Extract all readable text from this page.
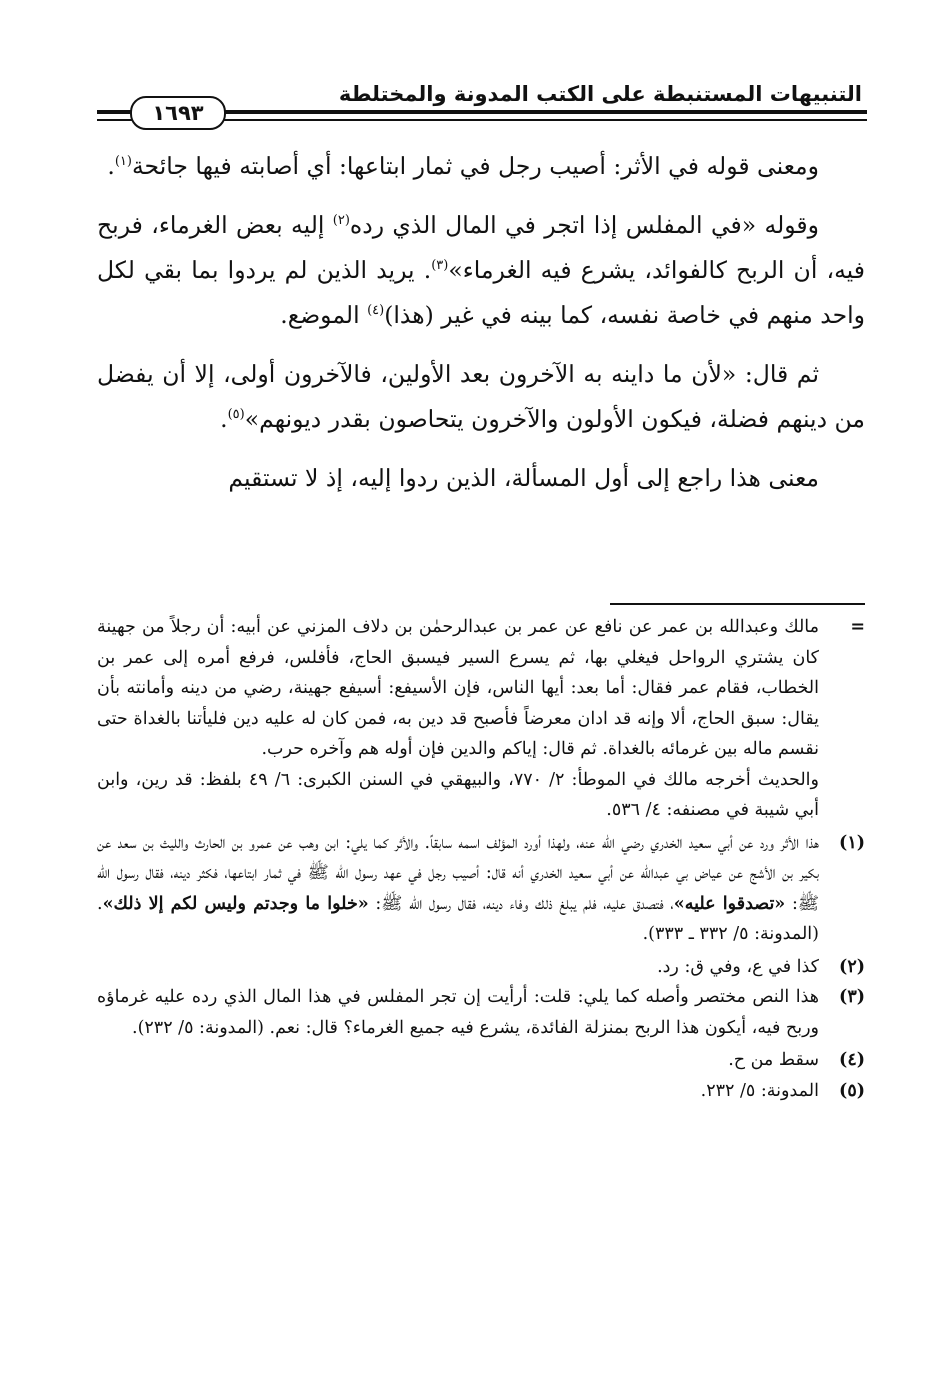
التنبيهات المستنبطة على الكتب المدونة والمختلطة
١٦٩٣

ومعنى قوله في الأثر: أصيب رجل في ثمار ابتاعها: أي أصابته فيها جائحة$^{(١)}$.

وقوله «في المفلس إذا اتجر في المال الذي رده$^{(٢)}$ إليه بعض الغرماء، فربح فيه، أن الربح كالفوائد، يشرع فيه الغرماء»$^{(٣)}$. يريد الذين لم يردوا بما بقي لكل واحد منهم في خاصة نفسه، كما بينه في غير (هذا)$^{(٤)}$ الموضع.

ثم قال: «لأن ما داينه به الآخرون بعد الأولين، فالآخرون أولى، إلا أن يفضل من دينهم فضلة، فيكون الأولون والآخرون يتحاصون بقدر ديونهم»$^{(٥)}$.

معنى هذا راجع إلى أول المسألة، الذين ردوا إليه، إذ لا تستقيم

=

مالك وعبدالله بن عمر عن نافع عن عمر بن عبدالرحمٰن بن دلاف المزني عن أبيه: أن رجلاً من جهينة كان يشتري الرواحل فيغلي بها، ثم يسرع السير فيسبق الحاج، فأفلس، فرفع أمره إلى عمر بن الخطاب، فقام عمر فقال: أما بعد: أيها الناس، فإن الأسيفع: أسيفع جهينة، رضي من دينه وأمانته بأن يقال: سبق الحاج، ألا وإنه قد ادان معرضاً فأصبح قد دين به، فمن كان له عليه دين فليأتنا بالغداة حتى نقسم ماله بين غرمائه بالغداة. ثم قال: إياكم والدين فإن أوله هم وآخره حرب.

والحديث أخرجه مالك في الموطأ: ٢/ ٧٧٠، والبيهقي في السنن الكبرى: ٦/ ٤٩ بلفظ: قد رين، وابن أبي شيبة في مصنفه: ٤/ ٥٣٦.

(١)

هذا الأثر ورد عن أبي سعيد الخدري رضي الله عنه، ولهذا أورد المؤلف اسمه سابقاً. والأثر كما يلي: ابن وهب عن عمرو بن الحارث والليث بن سعد عن بكير بن الأشج عن عياض بي عبدالله عن أبي سعيد الخدري أنه قال: أصيب رجل في عهد رسول الله ﷺ في ثمار ابتاعها، فكثر دينه، فقال رسول الله ﷺ: «تصدقوا عليه»، فتصدق عليه، فلم يبلغ ذلك وفاء دينه، فقال رسول الله ﷺ: «خلوا ما وجدتم وليس لكم إلا ذلك». (المدونة: ٥/ ٣٣٢ ـ ٣٣٣).

(٢)

كذا في ع، وفي ق: رد.

(٣)

هذا النص مختصر وأصله كما يلي: قلت: أرأيت إن تجر المفلس في هذا المال الذي رده عليه غرماؤه وربح فيه، أيكون هذا الربح بمنزلة الفائدة، يشرع فيه جميع الغرماء؟ قال: نعم. (المدونة: ٥/ ٢٣٢).

(٤)

سقط من ح.

(٥)

المدونة: ٥/ ٢٣٢.
